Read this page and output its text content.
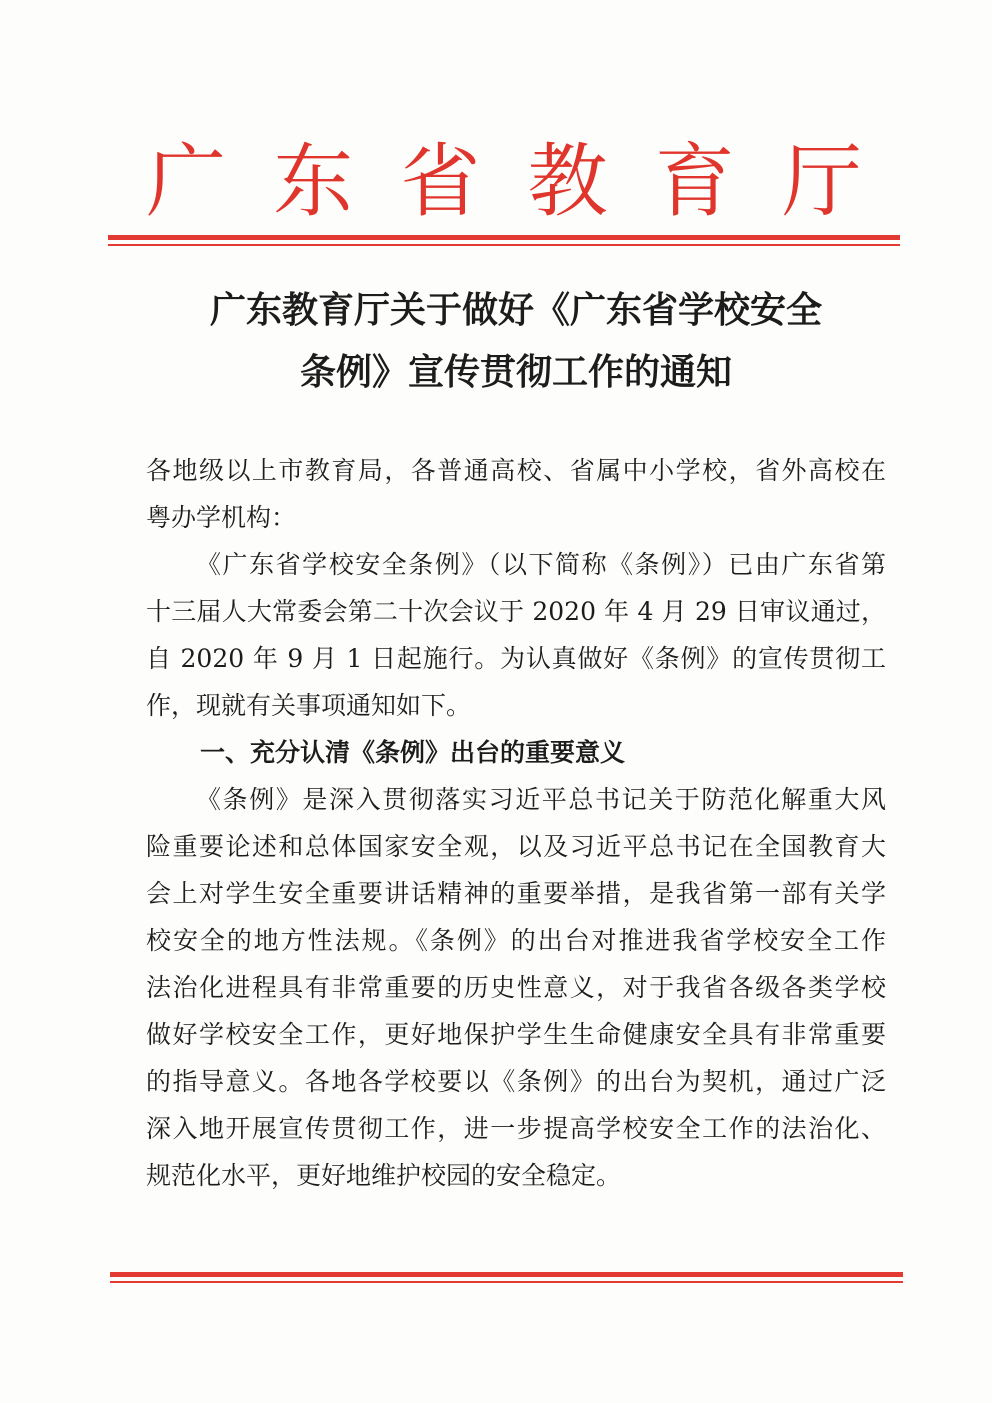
广东省教育厅
广东教育厅关于做好《广东省学校安全
条例》宣传贯彻工作的通知
各地级以上市教育局，各普通高校、省属中小学校，省外高校在
粤办学机构：
《广东省学校安全条例》（以下简称《条例》）已由广东省第
十三届人大常委会第二十次会议于 2020 年 4 月 29 日审议通过，
自 2020 年 9 月 1 日起施行。为认真做好《条例》的宣传贯彻工
作，现就有关事项通知如下。
一、充分认清《条例》出台的重要意义
《条例》是深入贯彻落实习近平总书记关于防范化解重大风
险重要论述和总体国家安全观，以及习近平总书记在全国教育大
会上对学生安全重要讲话精神的重要举措，是我省第一部有关学
校安全的地方性法规。《条例》的出台对推进我省学校安全工作
法治化进程具有非常重要的历史性意义，对于我省各级各类学校
做好学校安全工作，更好地保护学生生命健康安全具有非常重要
的指导意义。各地各学校要以《条例》的出台为契机，通过广泛
深入地开展宣传贯彻工作，进一步提高学校安全工作的法治化、
规范化水平，更好地维护校园的安全稳定。
